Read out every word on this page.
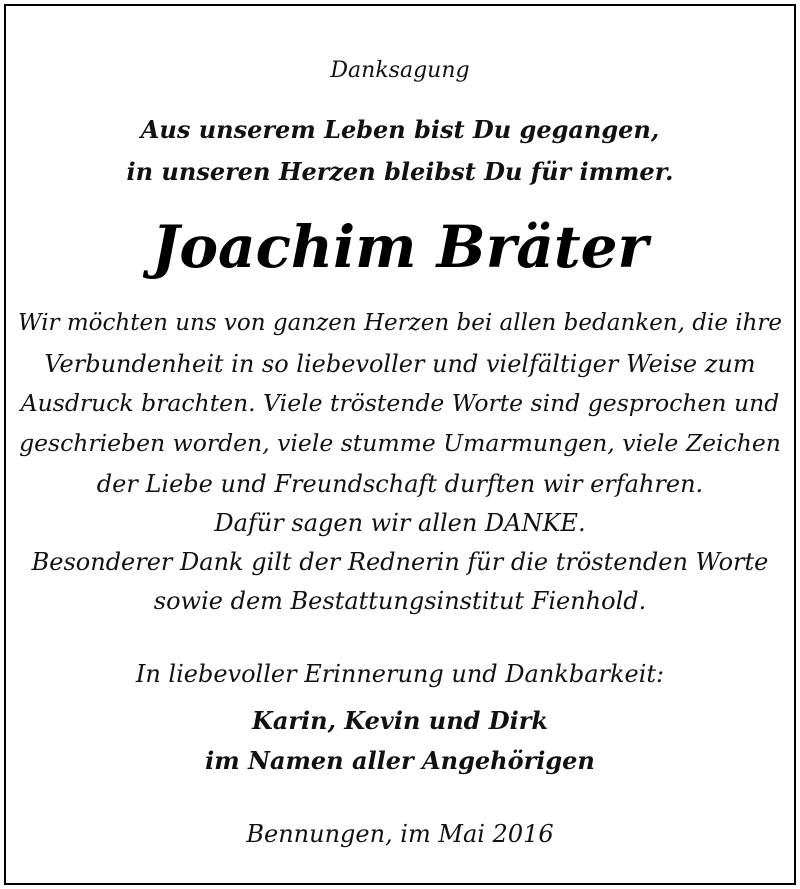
Danksagung
Aus unserem Leben bist Du gegangen,
in unseren Herzen bleibst Du für immer.
Joachim Bräter
Wir möchten uns von ganzen Herzen bei allen bedanken, die ihre
Verbundenheit in so liebevoller und vielfältiger Weise zum
Ausdruck brachten. Viele tröstende Worte sind gesprochen und
geschrieben worden, viele stumme Umarmungen, viele Zeichen
der Liebe und Freundschaft durften wir erfahren.
Dafür sagen wir allen DANKE.
Besonderer Dank gilt der Rednerin für die tröstenden Worte
sowie dem Bestattungsinstitut Fienhold.
In liebevoller Erinnerung und Dankbarkeit:
Karin, Kevin und Dirk
im Namen aller Angehörigen
Bennungen, im Mai 2016
